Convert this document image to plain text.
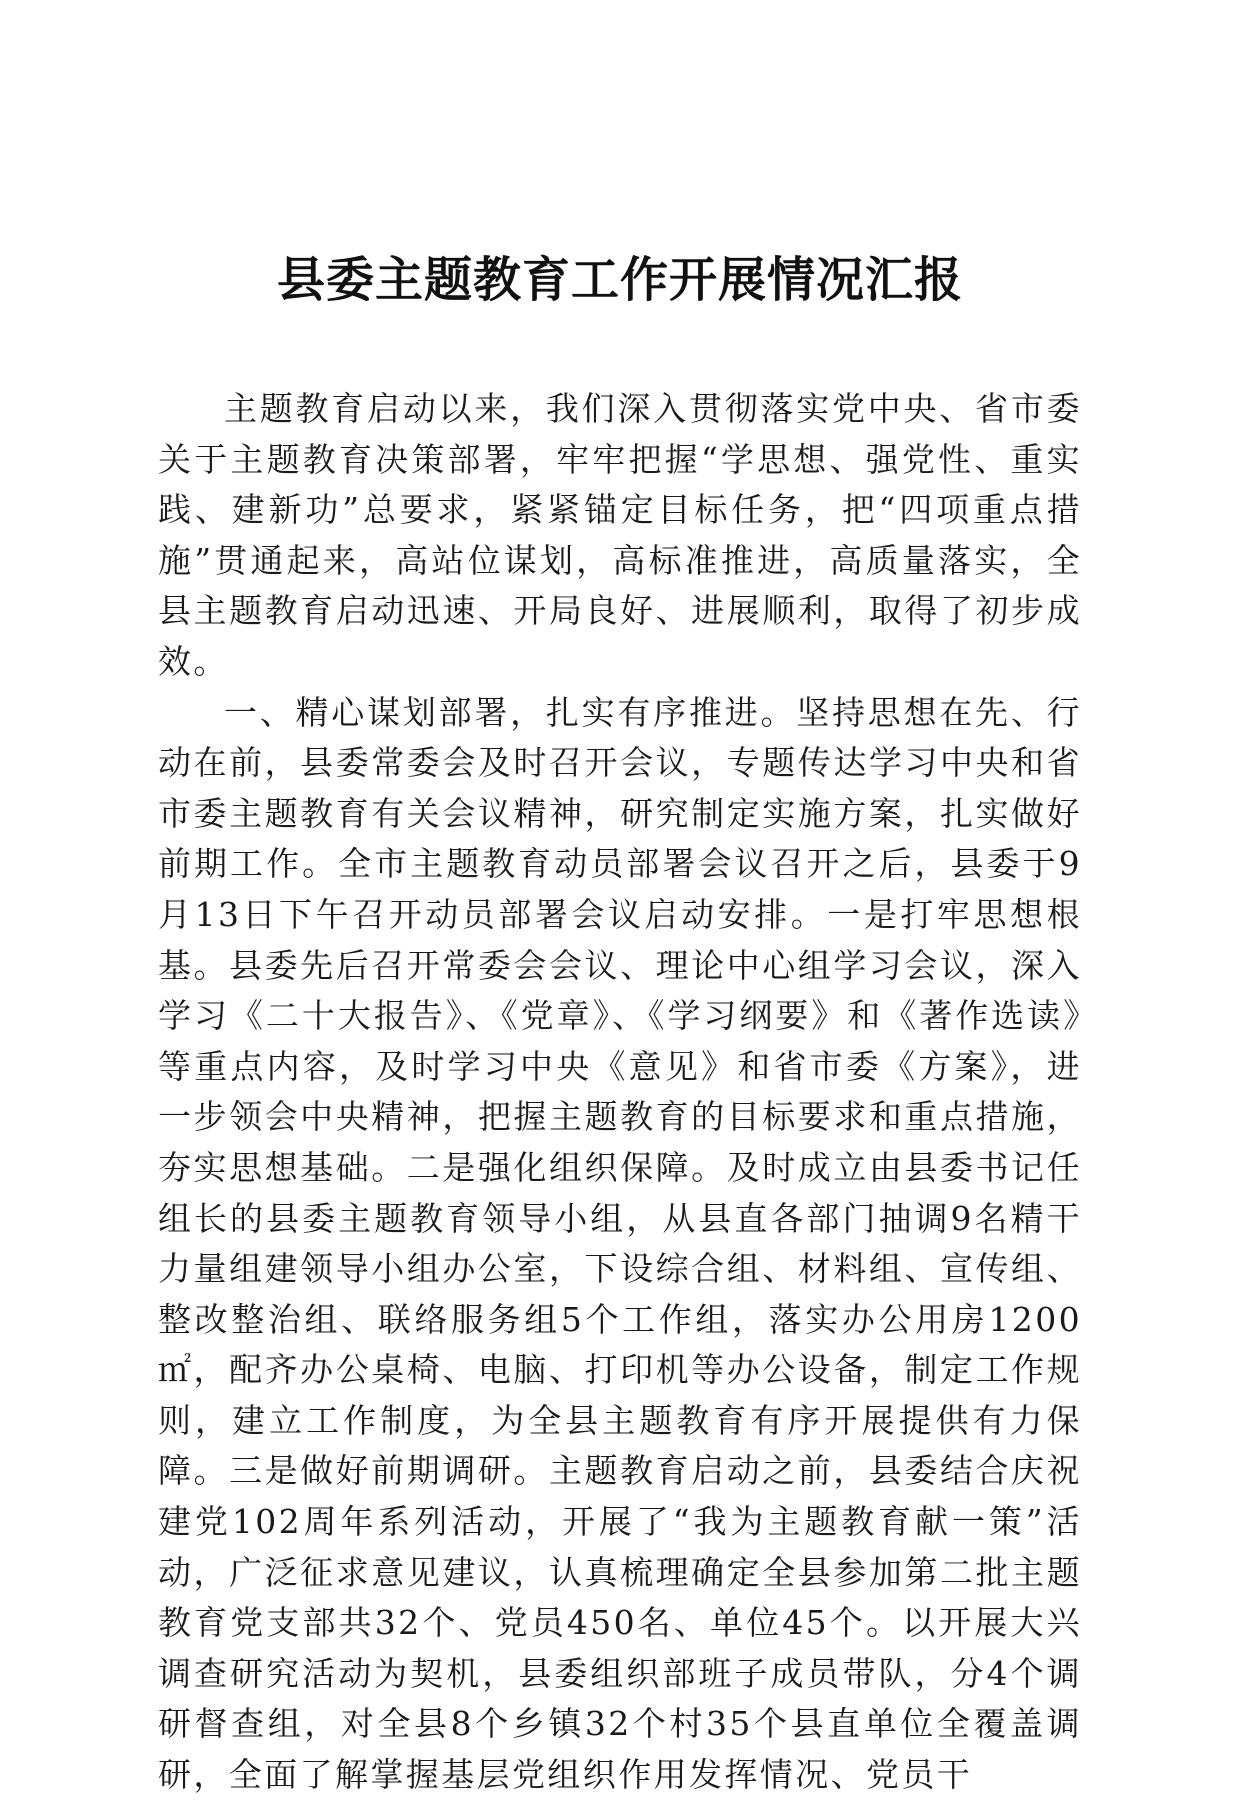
县委主题教育工作开展情况汇报

主题教育启动以来，我们深入贯彻落实党中央、省市委关于主题教育决策部署，牢牢把握“学思想、强党性、重实践、建新功”总要求，紧紧锚定目标任务，把“四项重点措施”贯通起来，高站位谋划，高标准推进，高质量落实，全县主题教育启动迅速、开局良好、进展顺利，取得了初步成效。

一、精心谋划部署，扎实有序推进。坚持思想在先、行动在前，县委常委会及时召开会议，专题传达学习中央和省市委主题教育有关会议精神，研究制定实施方案，扎实做好前期工作。全市主题教育动员部署会议召开之后，县委于9月13日下午召开动员部署会议启动安排。一是打牢思想根基。县委先后召开常委会会议、理论中心组学习会议，深入学习《二十大报告》、《党章》、《学习纲要》和《著作选读》等重点内容，及时学习中央《意见》和省市委《方案》，进一步领会中央精神，把握主题教育的目标要求和重点措施，夯实思想基础。二是强化组织保障。及时成立由县委书记任组长的县委主题教育领导小组，从县直各部门抽调9名精干力量组建领导小组办公室，下设综合组、材料组、宣传组、整改整治组、联络服务组5个工作组，落实办公用房1200㎡，配齐办公桌椅、电脑、打印机等办公设备，制定工作规则，建立工作制度，为全县主题教育有序开展提供有力保障。三是做好前期调研。主题教育启动之前，县委结合庆祝建党102周年系列活动，开展了“我为主题教育献一策”活动，广泛征求意见建议，认真梳理确定全县参加第二批主题教育党支部共32个、党员450名、单位45个。以开展大兴调查研究活动为契机，县委组织部班子成员带队，分4个调研督查组，对全县8个乡镇32个村35个县直单位全覆盖调研，全面了解掌握基层党组织作用发挥情况、党员干
